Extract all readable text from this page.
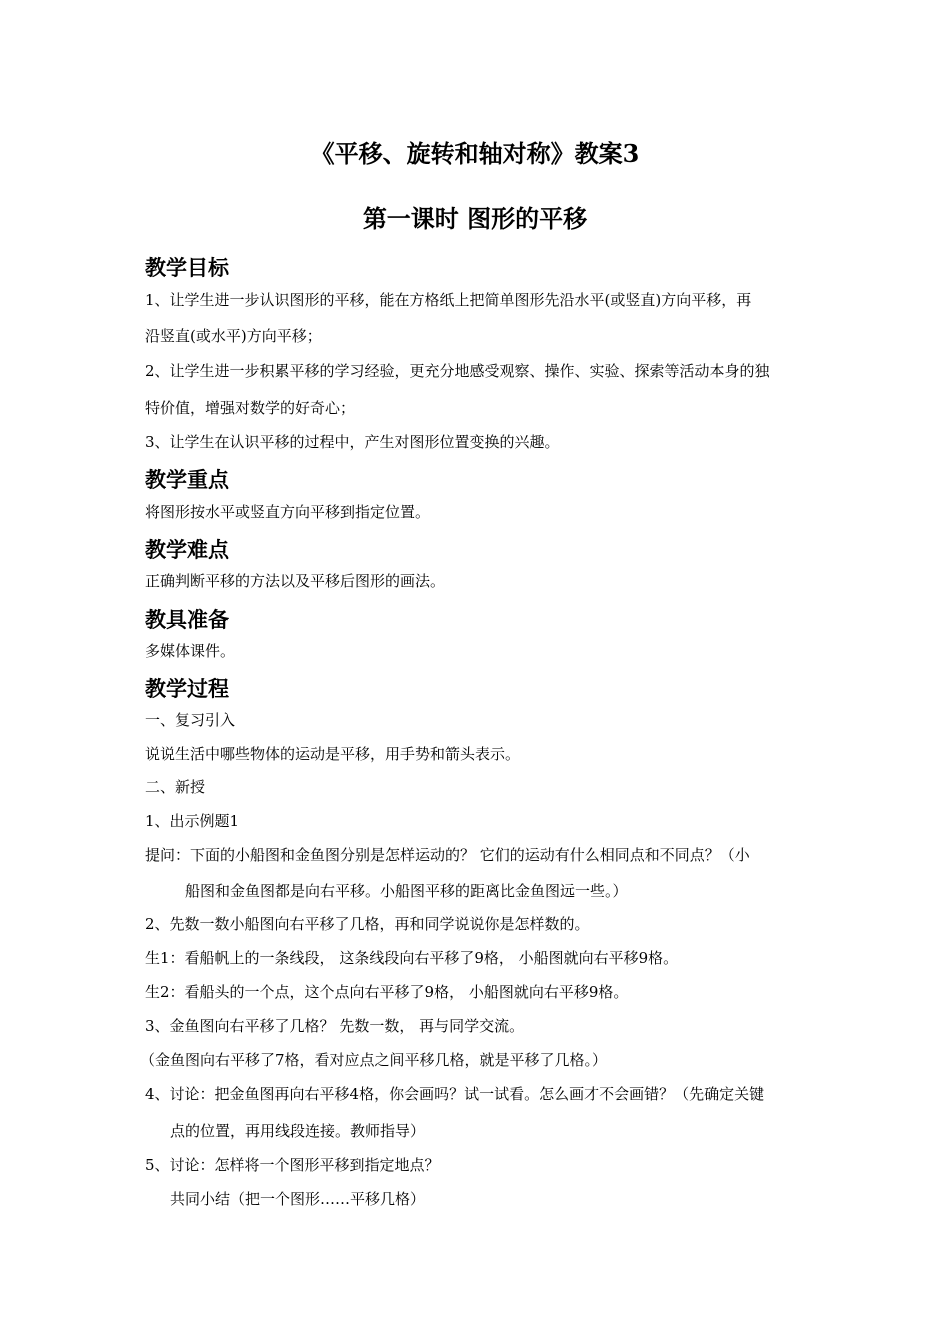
《平移、旋转和轴对称》教案3
第一课时 图形的平移
教学目标
1、让学生进一步认识图形的平移，能在方格纸上把简单图形先沿水平(或竖直)方向平移，再
沿竖直(或水平)方向平移；
2、让学生进一步积累平移的学习经验，更充分地感受观察、操作、实验、探索等活动本身的独
特价值，增强对数学的好奇心；
3、让学生在认识平移的过程中，产生对图形位置变换的兴趣。
教学重点
将图形按水平或竖直方向平移到指定位置。
教学难点
正确判断平移的方法以及平移后图形的画法。
教具准备
多媒体课件。
教学过程
一、复习引入
说说生活中哪些物体的运动是平移，用手势和箭头表示。
二、新授
1、出示例题1
提问：下面的小船图和金鱼图分别是怎样运动的？ 它们的运动有什么相同点和不同点？（小
船图和金鱼图都是向右平移。小船图平移的距离比金鱼图远一些。）
2、先数一数小船图向右平移了几格，再和同学说说你是怎样数的。
生1：看船帆上的一条线段， 这条线段向右平移了9格， 小船图就向右平移9格。
生2：看船头的一个点，这个点向右平移了9格， 小船图就向右平移9格。
3、金鱼图向右平移了几格？ 先数一数， 再与同学交流。
（金鱼图向右平移了7格，看对应点之间平移几格，就是平移了几格。）
4、讨论：把金鱼图再向右平移4格，你会画吗？试一试看。怎么画才不会画错？（先确定关键
点的位置，再用线段连接。教师指导）
5、讨论：怎样将一个图形平移到指定地点？
共同小结（把一个图形……平移几格）
